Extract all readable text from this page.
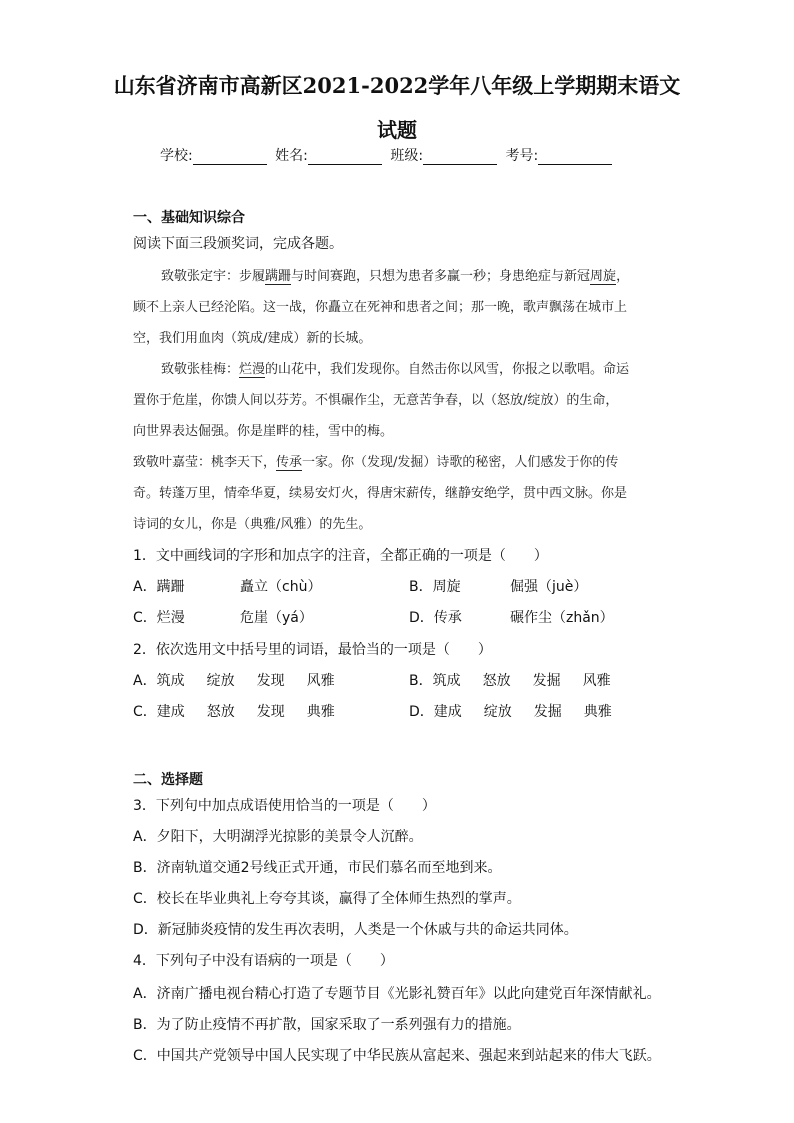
山东省济南市高新区2021-2022学年八年级上学期期末语文
试题
学校:	姓名:	班级:	考号:
一、基础知识综合
阅读下面三段颁奖词，完成各题。
致敬张定宇：步履蹒跚与时间赛跑，只想为患者多赢一秒；身患绝症与新冠周旋，
顾不上亲人已经沦陷。这一战，你矗立在死神和患者之间；那一晚，歌声飘荡在城市上
空，我们用血肉（筑成/建成）新的长城。
致敬张桂梅：烂漫的山花中，我们发现你。自然击你以风雪，你报之以歌唱。命运
置你于危崖，你馈人间以芬芳。不惧碾作尘，无意苦争春，以（怒放/绽放）的生命，
向世界表达倔强。你是崖畔的桂，雪中的梅。
致敬叶嘉莹：桃李天下，传承一家。你（发现/发掘）诗歌的秘密，人们感发于你的传
奇。转蓬万里，情牵华夏，续易安灯火，得唐宋薪传，继静安绝学，贯中西文脉。你是
诗词的女儿，你是（典雅/风雅）的先生。
1．文中画线词的字形和加点字的注音，全都正确的一项是（　　）
A．蹒跚	矗立（chù）	B．周旋	倔强（juè）
C．烂漫	危崖（yá）	D．传承	碾作尘（zhǎn）
2．依次选用文中括号里的词语，最恰当的一项是（　　）
A．筑成 绽放 发现 风雅	B．筑成 怒放 发掘 风雅
C．建成 怒放 发现 典雅	D．建成 绽放 发掘 典雅
二、选择题
3．下列句中加点成语使用恰当的一项是（　　）
A．夕阳下，大明湖浮光掠影的美景令人沉醉。
B．济南轨道交通2号线正式开通，市民们慕名而至地到来。
C．校长在毕业典礼上夸夸其谈，赢得了全体师生热烈的掌声。
D．新冠肺炎疫情的发生再次表明，人类是一个休戚与共的命运共同体。
4．下列句子中没有语病的一项是（　　）
A．济南广播电视台精心打造了专题节目《光影礼赞百年》以此向建党百年深情献礼。
B．为了防止疫情不再扩散，国家采取了一系列强有力的措施。
C．中国共产党领导中国人民实现了中华民族从富起来、强起来到站起来的伟大飞跃。
